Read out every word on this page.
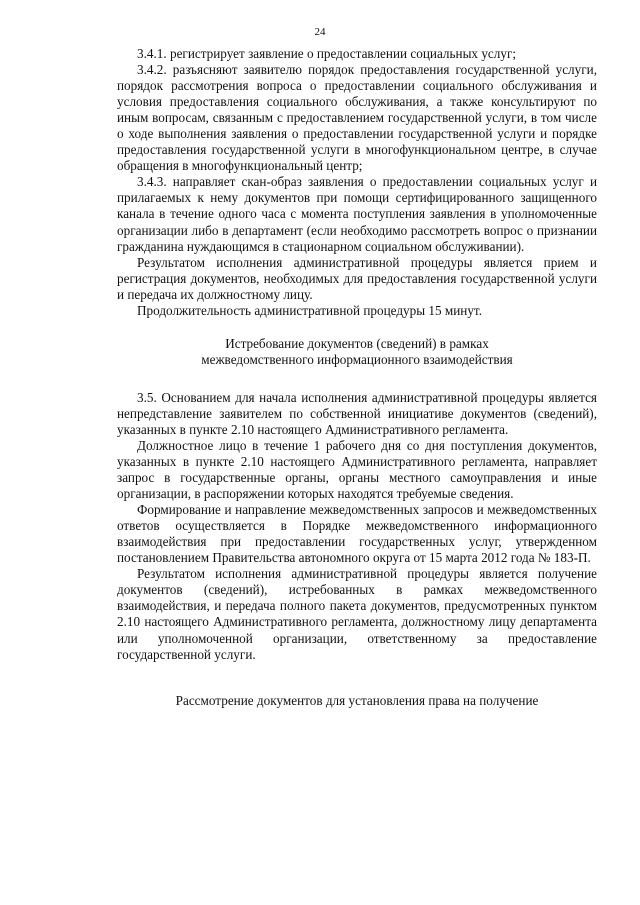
24

3.4.1. регистрирует заявление о предоставлении социальных услуг;

3.4.2. разъясняют заявителю порядок предоставления государственной услуги, порядок рассмотрения вопроса о предоставлении социального обслуживания и условия предоставления социального обслуживания, а также консультируют по иным вопросам, связанным с предоставлением государственной услуги, в том числе о ходе выполнения заявления о предоставлении государственной услуги и порядке предоставления государственной услуги в многофункциональном центре, в случае обращения в многофункциональный центр;

3.4.3. направляет скан-образ заявления о предоставлении социальных услуг и прилагаемых к нему документов при помощи сертифицированного защищенного канала в течение одного часа с момента поступления заявления в уполномоченные организации либо в департамент (если необходимо рассмотреть вопрос о признании гражданина нуждающимся в стационарном социальном обслуживании).

Результатом исполнения административной процедуры является прием и регистрация документов, необходимых для предоставления государственной услуги и передача их должностному лицу.

Продолжительность административной процедуры 15 минут.

Истребование документов (сведений) в рамках
межведомственного информационного взаимодействия

3.5. Основанием для начала исполнения административной процедуры является непредставление заявителем по собственной инициативе документов (сведений), указанных в пункте 2.10 настоящего Административного регламента.

Должностное лицо в течение 1 рабочего дня со дня поступления документов, указанных в пункте 2.10 настоящего Административного регламента, направляет запрос в государственные органы, органы местного самоуправления и иные организации, в распоряжении которых находятся требуемые сведения.

Формирование и направление межведомственных запросов и межведомственных ответов осуществляется в Порядке межведомственного информационного взаимодействия при предоставлении государственных услуг, утвержденном постановлением Правительства автономного округа от 15 марта 2012 года № 183-П.

Результатом исполнения административной процедуры является получение документов (сведений), истребованных в рамках межведомственного взаимодействия, и передача полного пакета документов, предусмотренных пунктом 2.10 настоящего Административного регламента, должностному лицу департамента или уполномоченной организации, ответственному за предоставление государственной услуги.

Рассмотрение документов для установления права на получение
